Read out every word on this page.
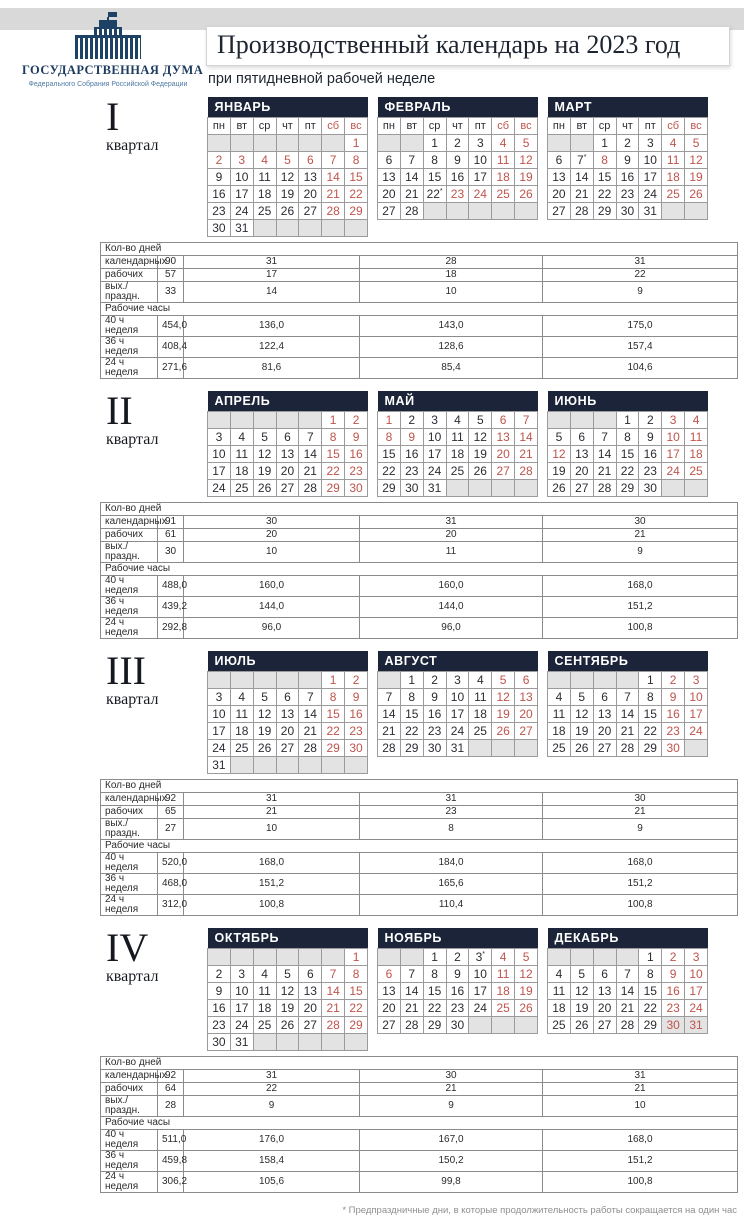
ГОСУДАРСТВЕННАЯ ДУМА
Федерального Собрания Российской Федерации
Производственный календарь на 2023 год
при пятидневной рабочей неделе
I
квартал
ЯНВАРЬ						
пн	вт	ср	чт	пт	сб	вс
						1
2	3	4	5	6	7	8
9	10	11	12	13	14	15
16	17	18	19	20	21	22
23	24	25	26	27	28	29
30	31					
ФЕВРАЛЬ						
пн	вт	ср	чт	пт	сб	вс
		1	2	3	4	5
6	7	8	9	10	11	12
13	14	15	16	17	18	19
20	21	22*	23	24	25	26
27	28					
МАРТ						
пн	вт	ср	чт	пт	сб	вс
		1	2	3	4	5
6	7*	8	9	10	11	12
13	14	15	16	17	18	19
20	21	22	23	24	25	26
27	28	29	30	31		
Кол-во дней				
календарных	90	31	28	31
рабочих	57	17	18	22
вых./праздн.	33	14	10	9
Рабочие часы				
40 ч неделя	454,0	136,0	143,0	175,0
36 ч неделя	408,4	122,4	128,6	157,4
24 ч неделя	271,6	81,6	85,4	104,6
II
квартал
АПРЕЛЬ						
					1	2
3	4	5	6	7	8	9
10	11	12	13	14	15	16
17	18	19	20	21	22	23
24	25	26	27	28	29	30
МАЙ						
1	2	3	4	5	6	7
8	9	10	11	12	13	14
15	16	17	18	19	20	21
22	23	24	25	26	27	28
29	30	31				
ИЮНЬ						
			1	2	3	4
5	6	7	8	9	10	11
12	13	14	15	16	17	18
19	20	21	22	23	24	25
26	27	28	29	30		
Кол-во дней				
календарных	91	30	31	30
рабочих	61	20	20	21
вых./праздн.	30	10	11	9
Рабочие часы				
40 ч неделя	488,0	160,0	160,0	168,0
36 ч неделя	439,2	144,0	144,0	151,2
24 ч неделя	292,8	96,0	96,0	100,8
III
квартал
ИЮЛЬ						
					1	2
3	4	5	6	7	8	9
10	11	12	13	14	15	16
17	18	19	20	21	22	23
24	25	26	27	28	29	30
31						
АВГУСТ						
	1	2	3	4	5	6
7	8	9	10	11	12	13
14	15	16	17	18	19	20
21	22	23	24	25	26	27
28	29	30	31			
СЕНТЯБРЬ						
				1	2	3
4	5	6	7	8	9	10
11	12	13	14	15	16	17
18	19	20	21	22	23	24
25	26	27	28	29	30	
Кол-во дней				
календарных	92	31	31	30
рабочих	65	21	23	21
вых./праздн.	27	10	8	9
Рабочие часы				
40 ч неделя	520,0	168,0	184,0	168,0
36 ч неделя	468,0	151,2	165,6	151,2
24 ч неделя	312,0	100,8	110,4	100,8
IV
квартал
ОКТЯБРЬ						
						1
2	3	4	5	6	7	8
9	10	11	12	13	14	15
16	17	18	19	20	21	22
23	24	25	26	27	28	29
30	31					
НОЯБРЬ						
		1	2	3*	4	5
6	7	8	9	10	11	12
13	14	15	16	17	18	19
20	21	22	23	24	25	26
27	28	29	30			
ДЕКАБРЬ						
				1	2	3
4	5	6	7	8	9	10
11	12	13	14	15	16	17
18	19	20	21	22	23	24
25	26	27	28	29	30	31
Кол-во дней				
календарных	92	31	30	31
рабочих	64	22	21	21
вых./праздн.	28	9	9	10
Рабочие часы				
40 ч неделя	511,0	176,0	167,0	168,0
36 ч неделя	459,8	158,4	150,2	151,2
24 ч неделя	306,2	105,6	99,8	100,8
* Предпраздничные дни, в которые продолжительность работы сокращается на один час
